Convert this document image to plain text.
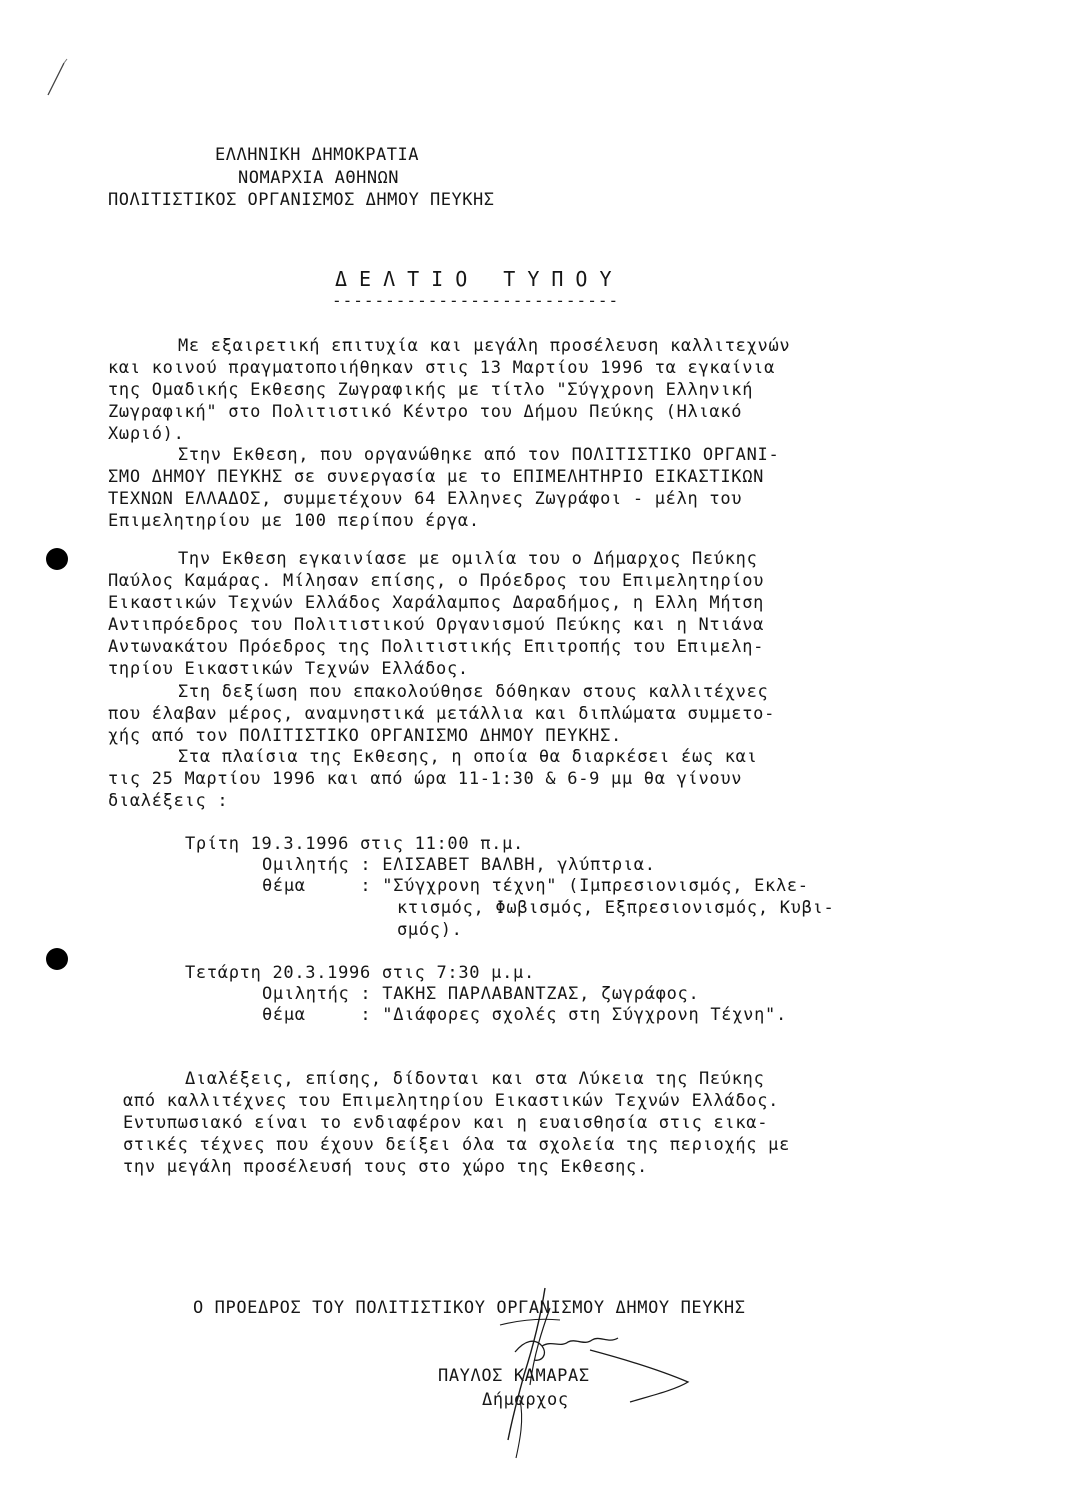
ΕΛΛΗΝΙΚΗ ΔΗΜΟΚΡΑΤΙΑ
ΝΟΜΑΡΧΙΑ ΑΘΗΝΩΝ
ΠΟΛΙΤΙΣΤΙΚΟΣ ΟΡΓΑΝΙΣΜΟΣ ΔΗΜΟΥ ΠΕΥΚΗΣ
ΔΕΛΤΙΟ ΤΥΠΟΥ
---------------------------
Με εξαιρετική επιτυχία και μεγάλη προσέλευση καλλιτεχνών
και κοινού πραγματοποιήθηκαν στις 13 Μαρτίου 1996 τα εγκαίνια
της Ομαδικής Εκθεσης Ζωγραφικής με τίτλο "Σύγχρονη Ελληνική
Ζωγραφική" στο Πολιτιστικό Κέντρο του Δήμου Πεύκης (Ηλιακό
Χωριό).
Στην Εκθεση, που οργανώθηκε από τον ΠΟΛΙΤΙΣΤΙΚΟ ΟΡΓΑΝΙ-
ΣΜΟ ΔΗΜΟΥ ΠΕΥΚΗΣ σε συνεργασία με το ΕΠΙΜΕΛΗΤΗΡΙΟ ΕΙΚΑΣΤΙΚΩΝ
ΤΕΧΝΩΝ ΕΛΛΑΔΟΣ, συμμετέχουν 64 Ελληνες Ζωγράφοι - μέλη του
Επιμελητηρίου με 100 περίπου έργα.
Την Εκθεση εγκαινίασε με ομιλία του ο Δήμαρχος Πεύκης
Παύλος Καμάρας. Μίλησαν επίσης, ο Πρόεδρος του Επιμελητηρίου
Εικαστικών Τεχνών Ελλάδος Χαράλαμπος Δαραδήμος, η Ελλη Μήτση
Αντιπρόεδρος του Πολιτιστικού Οργανισμού Πεύκης και η Ντιάνα
Αντωνακάτου Πρόεδρος της Πολιτιστικής Επιτροπής του Επιμελη-
τηρίου Εικαστικών Τεχνών Ελλάδος.
Στη δεξίωση που επακολούθησε δόθηκαν στους καλλιτέχνες
που έλαβαν μέρος, αναμνηστικά μετάλλια και διπλώματα συμμετο-
χής από τον ΠΟΛΙΤΙΣΤΙΚΟ ΟΡΓΑΝΙΣΜΟ ΔΗΜΟΥ ΠΕΥΚΗΣ.
Στα πλαίσια της Εκθεσης, η οποία θα διαρκέσει έως και
τις 25 Μαρτίου 1996 και από ώρα 11-1:30 & 6-9 μμ θα γίνουν
διαλέξεις :
Τρίτη 19.3.1996 στις 11:00 π.μ.
Ομιλητής : ΕΛΙΣΑΒΕΤ ΒΑΛΒΗ, γλύπτρια.
θέμα     : "Σύγχρονη τέχνη" (Ιμπρεσιονισμός, Εκλε-
κτισμός, Φωβισμός, Εξπρεσιονισμός, Κυβι-
σμός).
Τετάρτη 20.3.1996 στις 7:30 μ.μ.
Ομιλητής : ΤΑΚΗΣ ΠΑΡΛΑΒΑΝΤΖΑΣ, ζωγράφος.
θέμα     : "Διάφορες σχολές στη Σύγχρονη Τέχνη".
Διαλέξεις, επίσης, δίδονται και στα Λύκεια της Πεύκης
από καλλιτέχνες του Επιμελητηρίου Εικαστικών Τεχνών Ελλάδος.
Εντυπωσιακό είναι το ενδιαφέρον και η ευαισθησία στις εικα-
στικές τέχνες που έχουν δείξει όλα τα σχολεία της περιοχής με
την μεγάλη προσέλευσή τους στο χώρο της Εκθεσης.
Ο ΠΡΟΕΔΡΟΣ ΤΟΥ ΠΟΛΙΤΙΣΤΙΚΟΥ ΟΡΓΑΝΙΣΜΟΥ ΔΗΜΟΥ ΠΕΥΚΗΣ
ΠΑΥΛΟΣ ΚΑΜΑΡΑΣ
Δήμαρχος
